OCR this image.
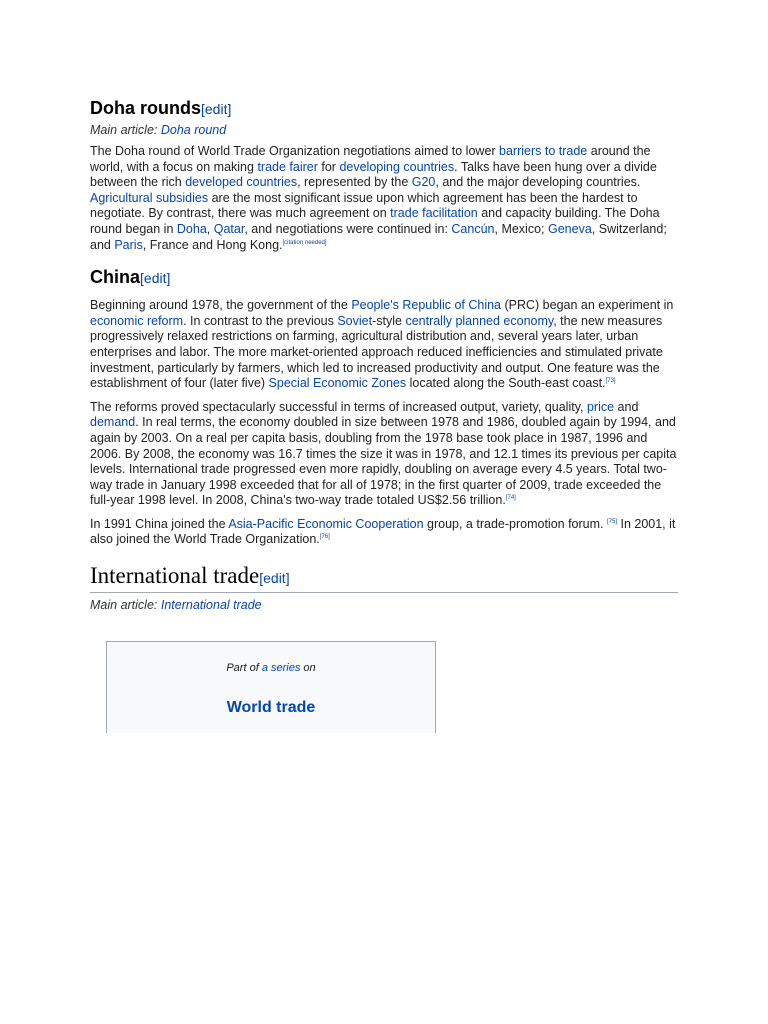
Doha rounds[edit]
Main article: Doha round

The Doha round of World Trade Organization negotiations aimed to lower barriers to trade around the world, with a focus on making trade fairer for developing countries. Talks have been hung over a divide between the rich developed countries, represented by the G20, and the major developing countries. Agricultural subsidies are the most significant issue upon which agreement has been the hardest to negotiate. By contrast, there was much agreement on trade facilitation and capacity building. The Doha round began in Doha, Qatar, and negotiations were continued in: Cancún, Mexico; Geneva, Switzerland; and Paris, France and Hong Kong.[citation needed]

China[edit]

Beginning around 1978, the government of the People's Republic of China (PRC) began an experiment in economic reform. In contrast to the previous Soviet-style centrally planned economy, the new measures progressively relaxed restrictions on farming, agricultural distribution and, several years later, urban enterprises and labor. The more market-oriented approach reduced inefficiencies and stimulated private investment, particularly by farmers, which led to increased productivity and output. One feature was the establishment of four (later five) Special Economic Zones located along the South-east coast.[73]

The reforms proved spectacularly successful in terms of increased output, variety, quality, price and demand. In real terms, the economy doubled in size between 1978 and 1986, doubled again by 1994, and again by 2003. On a real per capita basis, doubling from the 1978 base took place in 1987, 1996 and 2006. By 2008, the economy was 16.7 times the size it was in 1978, and 12.1 times its previous per capita levels. International trade progressed even more rapidly, doubling on average every 4.5 years. Total two-way trade in January 1998 exceeded that for all of 1978; in the first quarter of 2009, trade exceeded the full-year 1998 level. In 2008, China's two-way trade totaled US$2.56 trillion.[74]

In 1991 China joined the Asia-Pacific Economic Cooperation group, a trade-promotion forum. [75] In 2001, it also joined the World Trade Organization.[76]

International trade[edit]
Main article: International trade
Part of a series on
World trade
